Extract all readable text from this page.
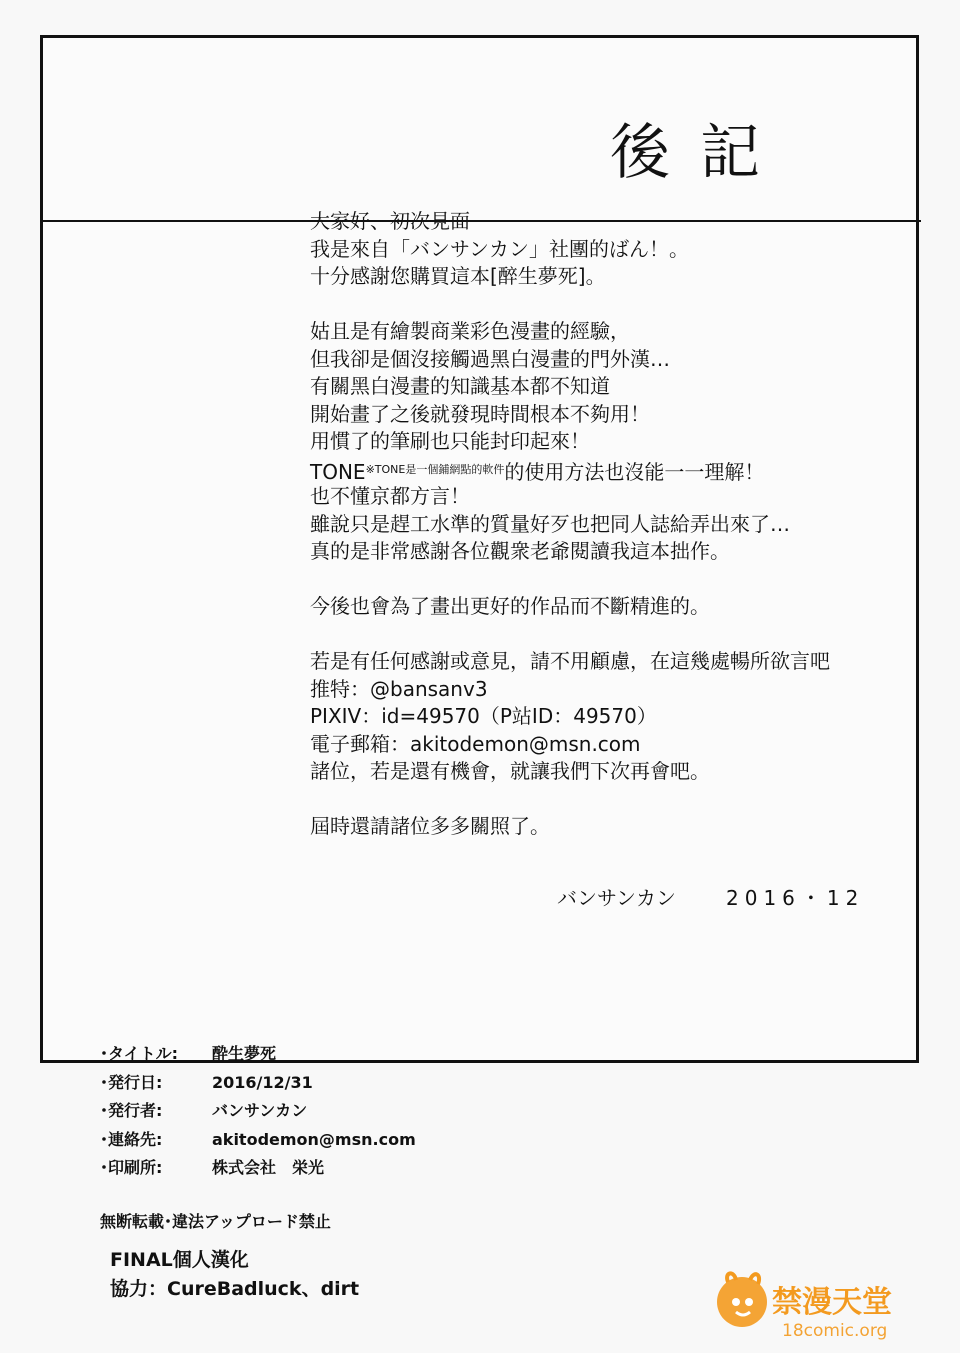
後記
大家好、初次見面
我是來自「バンサンカン」社團的ばん！。
十分感謝您購買這本[醉生夢死]。
姑且是有繪製商業彩色漫畫的經驗，
但我卻是個沒接觸過黑白漫畫的門外漢…
有關黑白漫畫的知識基本都不知道
開始畫了之後就發現時間根本不夠用！
用慣了的筆刷也只能封印起來！
TONE$^{※TONE是一個鋪網點的軟件}$的使用方法也沒能一一理解！
也不懂京都方言！
雖說只是趕工水準的質量好歹也把同人誌給弄出來了…
真的是非常感謝各位觀衆老爺閱讀我這本拙作。
今後也會為了畫出更好的作品而不斷精進的。
若是有任何感謝或意見，請不用顧慮，在這幾處暢所欲言吧
推特：@bansanv3
PIXIV：id=49570（P站ID：49570）
電子郵箱：akitodemon@msn.com
諸位，若是還有機會，就讓我們下次再會吧。
屆時還請諸位多多關照了。
バンサンカン	2016・12
･タイトル: 酔生夢死
･発行日:	2016/12/31
･発行者:	バンサンカン
･連絡先:	akitodemon@msn.com
･印刷所:	株式会社　栄光
無断転載･違法アップロード禁止
FINAL個人漢化
協力：CureBadluck、dirt	禁漫天堂
18comic.org
